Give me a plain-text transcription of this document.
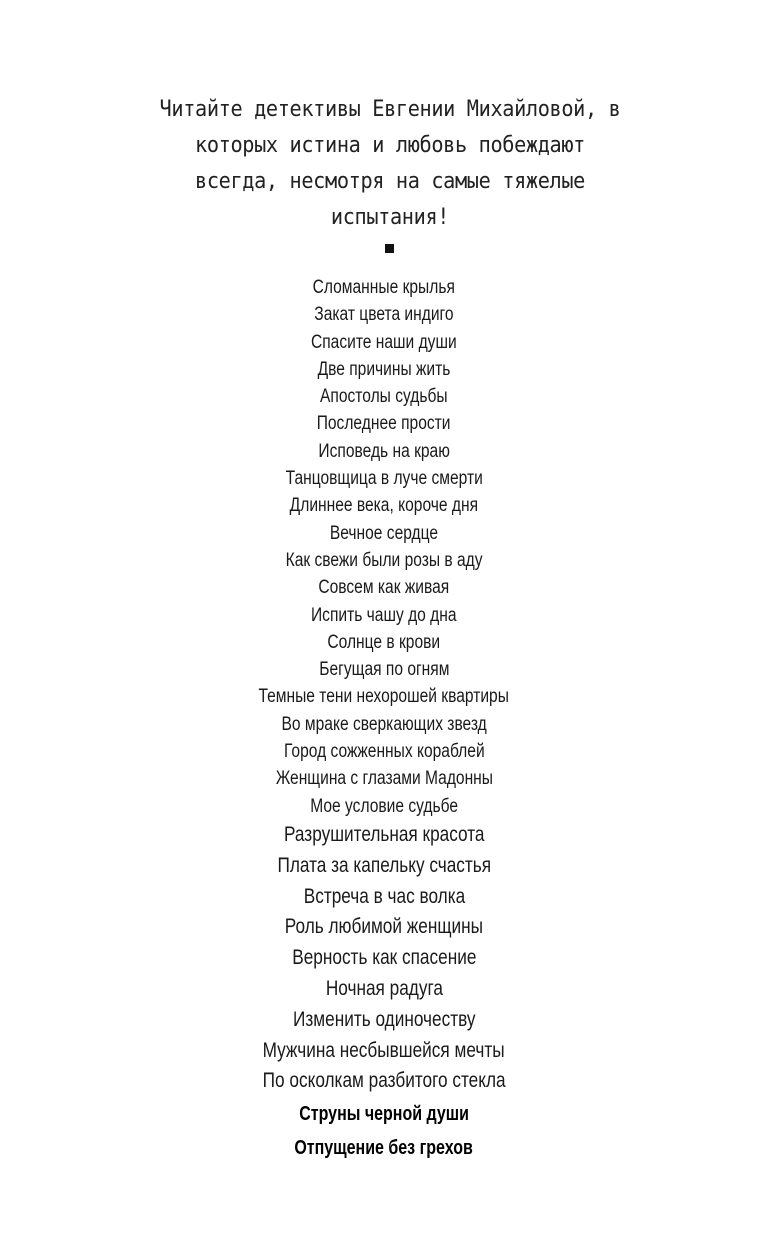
Читайте детективы Евгении Михайловой, в
которых истина и любовь побеждают
всегда, несмотря на самые тяжелые
испытания!
Сломанные крылья
Закат цвета индиго
Спасите наши души
Две причины жить
Апостолы судьбы
Последнее прости
Исповедь на краю
Танцовщица в луче смерти
Длиннее века, короче дня
Вечное сердце
Как свежи были розы в аду
Совсем как живая
Испить чашу до дна
Солнце в крови
Бегущая по огням
Темные тени нехорошей квартиры
Во мраке сверкающих звезд
Город сожженных кораблей
Женщина с глазами Мадонны
Мое условие судьбе
Разрушительная красота
Плата за капельку счастья
Встреча в час волка
Роль любимой женщины
Верность как спасение
Ночная радуга
Изменить одиночеству
Мужчина несбывшейся мечты
По осколкам разбитого стекла
Струны черной души
Отпущение без грехов
